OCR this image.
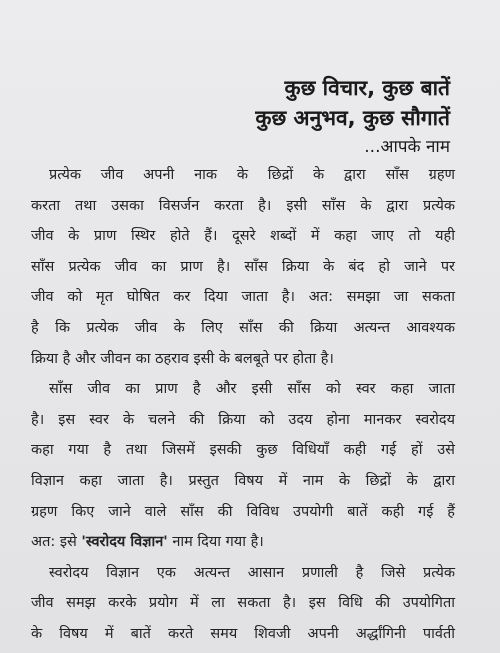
कुछ विचार, कुछ बातें
कुछ अनुभव, कुछ सौगातें
...आपके नाम
प्रत्येक जीव अपनी नाक के छिद्रों के द्वारा साँस ग्रहण
करता तथा उसका विसर्जन करता है। इसी साँस के द्वारा प्रत्येक
जीव के प्राण स्थिर होते हैं। दूसरे शब्दों में कहा जाए तो यही
साँस प्रत्येक जीव का प्राण है। साँस क्रिया के बंद हो जाने पर
जीव को मृत घोषित कर दिया जाता है। अत: समझा जा सकता
है कि प्रत्येक जीव के लिए साँस की क्रिया अत्यन्त आवश्यक
क्रिया है और जीवन का ठहराव इसी के बलबूते पर होता है।
साँस जीव का प्राण है और इसी साँस को स्वर कहा जाता
है। इस स्वर के चलने की क्रिया को उदय होना मानकर स्वरोदय
कहा गया है तथा जिसमें इसकी कुछ विधियाँ कही गई हों उसे
विज्ञान कहा जाता है। प्रस्तुत विषय में नाम के छिद्रों के द्वारा
ग्रहण किए जाने वाले साँस की विविध उपयोगी बातें कही गई हैं
अत: इसे 'स्वरोदय विज्ञान' नाम दिया गया है।
स्वरोदय विज्ञान एक अत्यन्त आसान प्रणाली है जिसे प्रत्येक
जीव समझ करके प्रयोग में ला सकता है। इस विधि की उपयोगिता
के विषय में बातें करते समय शिवजी अपनी अर्द्धांगिनी पार्वती
